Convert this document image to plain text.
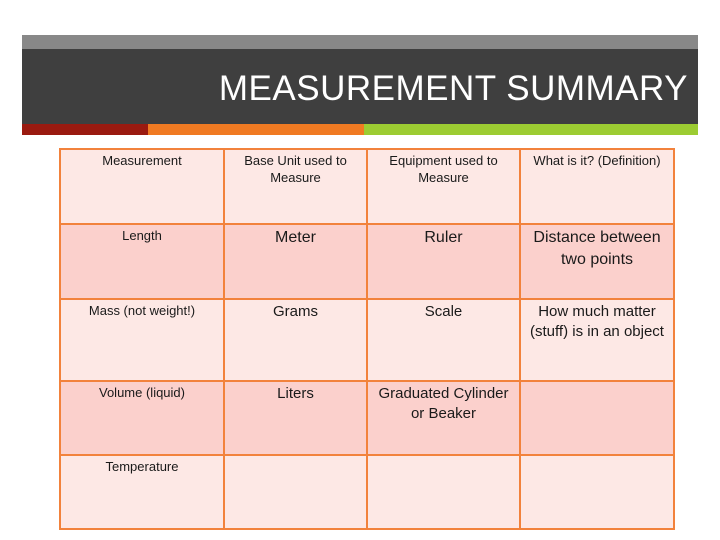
MEASUREMENT SUMMARY
Measurement	Base Unit used to Measure	Equipment used to Measure	What is it? (Definition)
Length	Meter	Ruler	Distance between two points
Mass (not weight!)	Grams	Scale	How much matter (stuff) is in an object
Volume (liquid)	Liters	Graduated Cylinder or Beaker	
Temperature			
